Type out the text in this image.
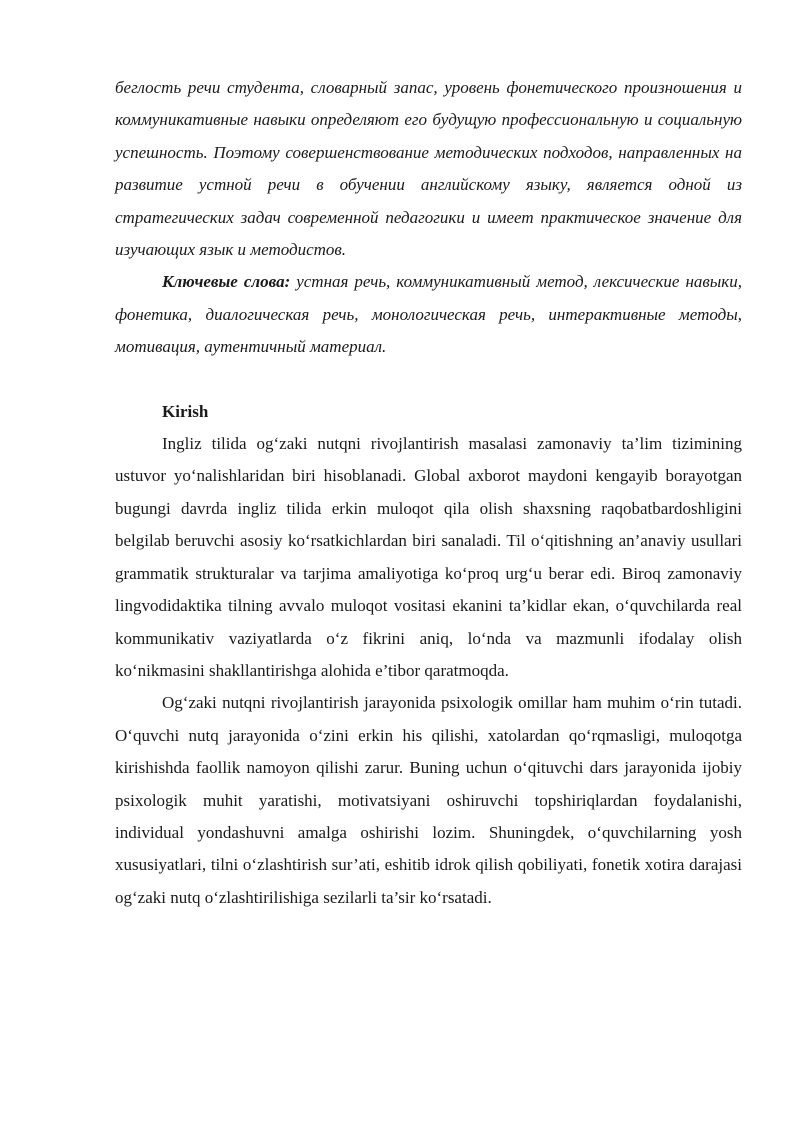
беглость речи студента, словарный запас, уровень фонетического произношения и коммуникативные навыки определяют его будущую профессиональную и социальную успешность. Поэтому совершенствование методических подходов, направленных на развитие устной речи в обучении английскому языку, является одной из стратегических задач современной педагогики и имеет практическое значение для изучающих язык и методистов.

Ключевые слова: устная речь, коммуникативный метод, лексические навыки, фонетика, диалогическая речь, монологическая речь, интерактивные методы, мотивация, аутентичный материал.

Kirish

Ingliz tilida og‘zaki nutqni rivojlantirish masalasi zamonaviy ta’lim tizimining ustuvor yo‘nalishlaridan biri hisoblanadi. Global axborot maydoni kengayib borayotgan bugungi davrda ingliz tilida erkin muloqot qila olish shaxsning raqobatbardoshligini belgilab beruvchi asosiy ko‘rsatkichlardan biri sanaladi. Til o‘qitishning an’anaviy usullari grammatik strukturalar va tarjima amaliyotiga ko‘proq urg‘u berar edi. Biroq zamonaviy lingvodidaktika tilning avvalo muloqot vositasi ekanini ta’kidlar ekan, o‘quvchilarda real kommunikativ vaziyatlarda o‘z fikrini aniq, lo‘nda va mazmunli ifodalay olish ko‘nikmasini shakllantirishga alohida e’tibor qaratmoqda.

Og‘zaki nutqni rivojlantirish jarayonida psixologik omillar ham muhim o‘rin tutadi. O‘quvchi nutq jarayonida o‘zini erkin his qilishi, xatolardan qo‘rqmasligi, muloqotga kirishishda faollik namoyon qilishi zarur. Buning uchun o‘qituvchi dars jarayonida ijobiy psixologik muhit yaratishi, motivatsiyani oshiruvchi topshiriqlardan foydalanishi, individual yondashuvni amalga oshirishi lozim. Shuningdek, o‘quvchilarning yosh xususiyatlari, tilni o‘zlashtirish sur’ati, eshitib idrok qilish qobiliyati, fonetik xotira darajasi og‘zaki nutq o‘zlashtirilishiga sezilarli ta’sir ko‘rsatadi.
